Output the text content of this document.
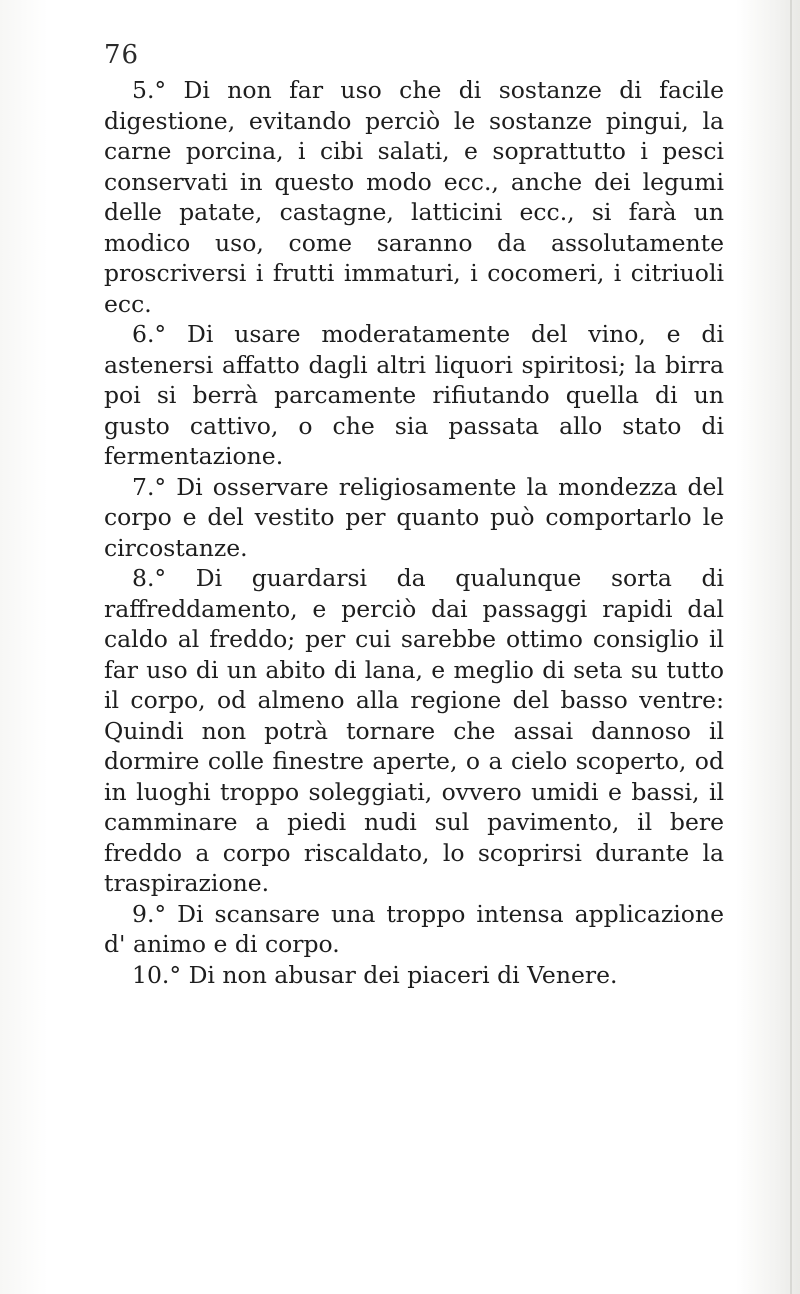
76

5.° Di non far uso che di sostanze di facile digestione, evitando perciò le sostanze pingui, la carne porcina, i cibi salati, e soprattutto i pesci conservati in questo modo ecc., anche dei legumi delle patate, castagne, latticini ecc., si farà un modico uso, come saranno da assolutamente proscriversi i frutti immaturi, i cocomeri, i citriuoli ecc.

6.° Di usare moderatamente del vino, e di astenersi affatto dagli altri liquori spiritosi; la birra poi si berrà parcamente rifiutando quella di un gusto cattivo, o che sia passata allo stato di fermentazione.

7.° Di osservare religiosamente la mondezza del corpo e del vestito per quanto può comportarlo le circostanze.

8.° Di guardarsi da qualunque sorta di raffreddamento, e perciò dai passaggi rapidi dal caldo al freddo; per cui sarebbe ottimo consiglio il far uso di un abito di lana, e meglio di seta su tutto il corpo, od almeno alla regione del basso ventre: Quindi non potrà tornare che assai dannoso il dormire colle finestre aperte, o a cielo scoperto, od in luoghi troppo soleggiati, ovvero umidi e bassi, il camminare a piedi nudi sul pavimento, il bere freddo a corpo riscaldato, lo scoprirsi durante la traspirazione.

9.° Di scansare una troppo intensa applicazione d' animo e di corpo.

10.° Di non abusar dei piaceri di Venere.
